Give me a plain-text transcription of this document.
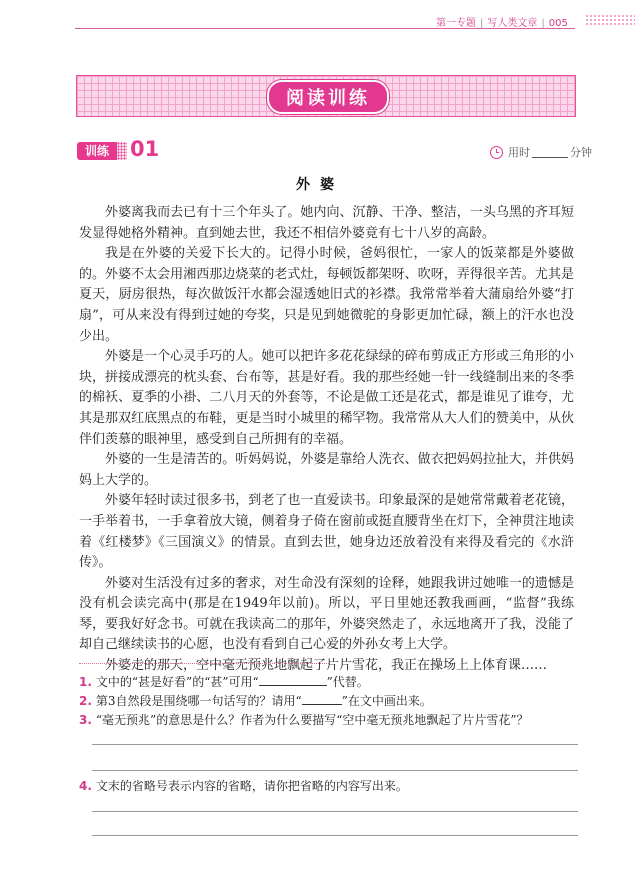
第一专题 | 写人类文章 | 005
阅读训练
训练 01	用时	分钟
外婆

外婆离我而去已有十三个年头了。她内向、沉静、干净、整洁，一头乌黑的齐耳短发显得她格外精神。直到她去世，我还不相信外婆竟有七十八岁的高龄。

我是在外婆的关爱下长大的。记得小时候，爸妈很忙，一家人的饭菜都是外婆做的。外婆不太会用湘西那边烧菜的老式灶，每顿饭都架呀、吹呀，弄得很辛苦。尤其是夏天，厨房很热，每次做饭汗水都会湿透她旧式的衫襟。我常常举着大蒲扇给外婆“打扇”，可从来没有得到过她的夸奖，只是见到她微驼的身影更加忙碌，额上的汗水也没少出。

外婆是一个心灵手巧的人。她可以把许多花花绿绿的碎布剪成正方形或三角形的小块，拼接成漂亮的枕头套、台布等，甚是好看。我的那些经她一针一线缝制出来的冬季的棉袄、夏季的小褂、二八月天的外套等，不论是做工还是花式，都是谁见了谁夸，尤其是那双红底黑点的布鞋，更是当时小城里的稀罕物。我常常从大人们的赞美中，从伙伴们羡慕的眼神里，感受到自己所拥有的幸福。

外婆的一生是清苦的。听妈妈说，外婆是靠给人洗衣、做衣把妈妈拉扯大，并供妈妈上大学的。

外婆年轻时读过很多书，到老了也一直爱读书。印象最深的是她常常戴着老花镜，一手举着书，一手拿着放大镜，侧着身子倚在窗前或挺直腰背坐在灯下，全神贯注地读着《红楼梦》《三国演义》的情景。直到去世，她身边还放着没有来得及看完的《水浒传》。

外婆对生活没有过多的奢求，对生命没有深刻的诠释，她跟我讲过她唯一的遗憾是没有机会读完高中(那是在1949年以前)。所以，平日里她还教我画画，“监督”我练琴，要我好好念书。可就在我读高二的那年，外婆突然走了，永远地离开了我，没能了却自己继续读书的心愿，也没有看到自己心爱的外孙女考上大学。

外婆走的那天，空中毫无预兆地飘起了片片雪花，我正在操场上上体育课……

1. 文中的“甚是好看”的“甚”可用“	”代替。
2. 第3自然段是围绕哪一句话写的？请用“	”在文中画出来。
3. “毫无预兆”的意思是什么？作者为什么要描写“空中毫无预兆地飘起了片片雪花”？
4. 文末的省略号表示内容的省略，请你把省略的内容写出来。
